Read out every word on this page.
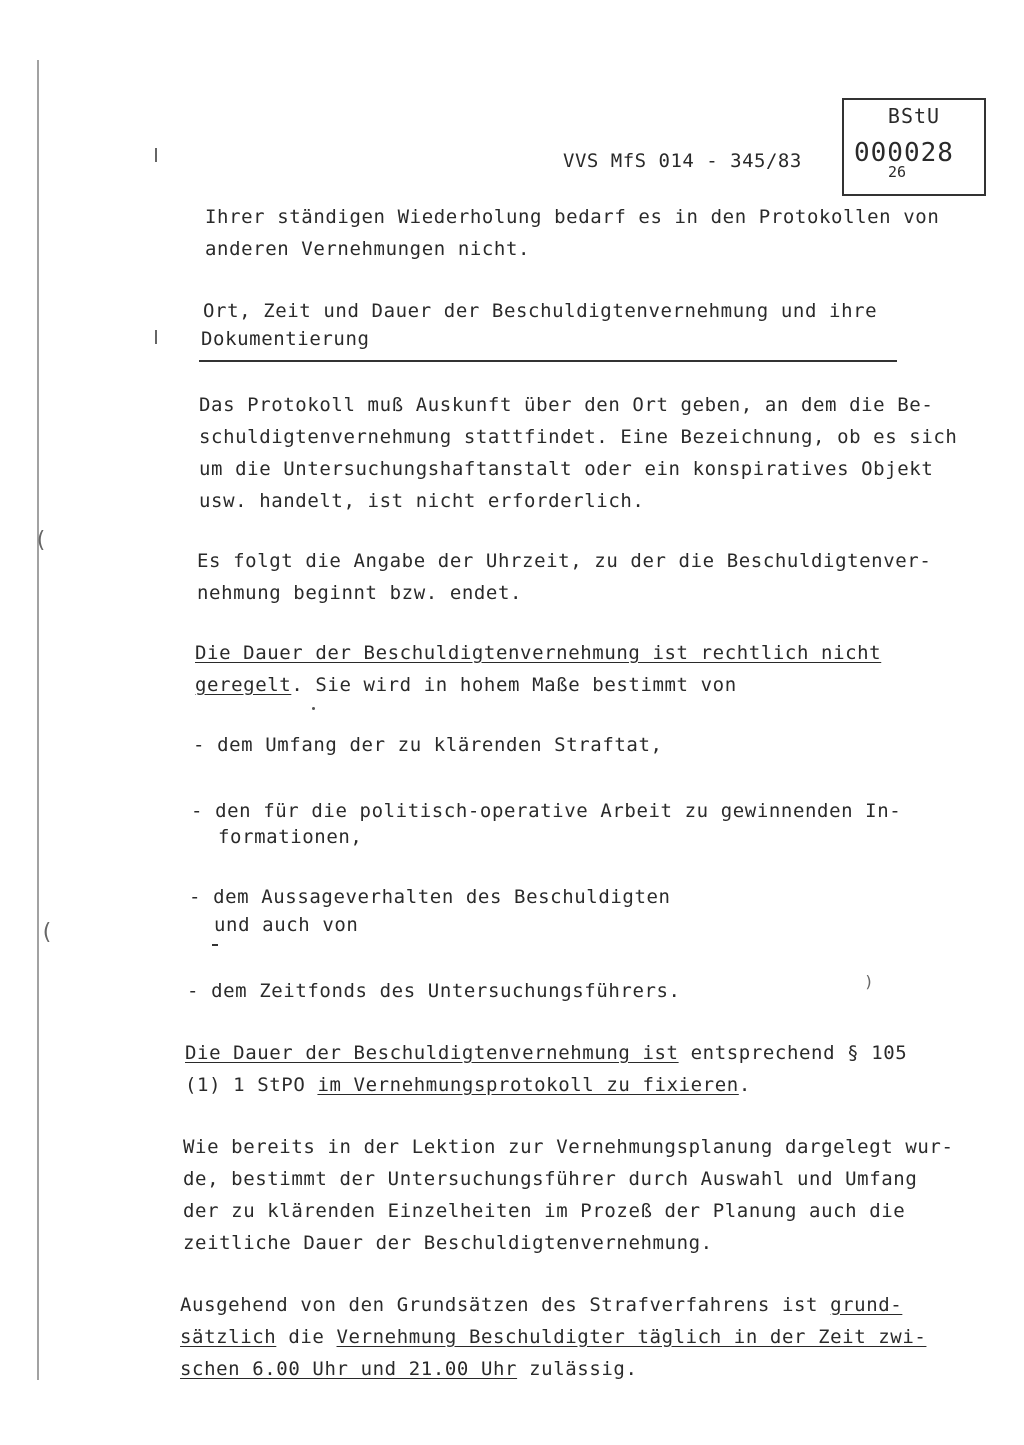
(
(
)
BStU
000028
26
VVS MfS 014 - 345/83
Ihrer ständigen Wiederholung bedarf es in den Protokollen von
anderen Vernehmungen nicht.
Ort, Zeit und Dauer der Beschuldigtenvernehmung und ihre
Dokumentierung
Das Protokoll muß Auskunft über den Ort geben, an dem die Be-
schuldigtenvernehmung stattfindet. Eine Bezeichnung, ob es sich
um die Untersuchungshaftanstalt oder ein konspiratives Objekt
usw. handelt, ist nicht erforderlich.
Es folgt die Angabe der Uhrzeit, zu der die Beschuldigtenver-
nehmung beginnt bzw. endet.
Die Dauer der Beschuldigtenvernehmung ist rechtlich nicht
geregelt. Sie wird in hohem Maße bestimmt von
- dem Umfang der zu klärenden Straftat,
- den für die politisch-operative Arbeit zu gewinnenden In-
formationen,
- dem Aussageverhalten des Beschuldigten
und auch von
- dem Zeitfonds des Untersuchungsführers.
Die Dauer der Beschuldigtenvernehmung ist entsprechend § 105
(1) 1 StPO im Vernehmungsprotokoll zu fixieren.
Wie bereits in der Lektion zur Vernehmungsplanung dargelegt wur-
de, bestimmt der Untersuchungsführer durch Auswahl und Umfang
der zu klärenden Einzelheiten im Prozeß der Planung auch die
zeitliche Dauer der Beschuldigtenvernehmung.
Ausgehend von den Grundsätzen des Strafverfahrens ist grund-
sätzlich die Vernehmung Beschuldigter täglich in der Zeit zwi-
schen 6.00 Uhr und 21.00 Uhr zulässig.
